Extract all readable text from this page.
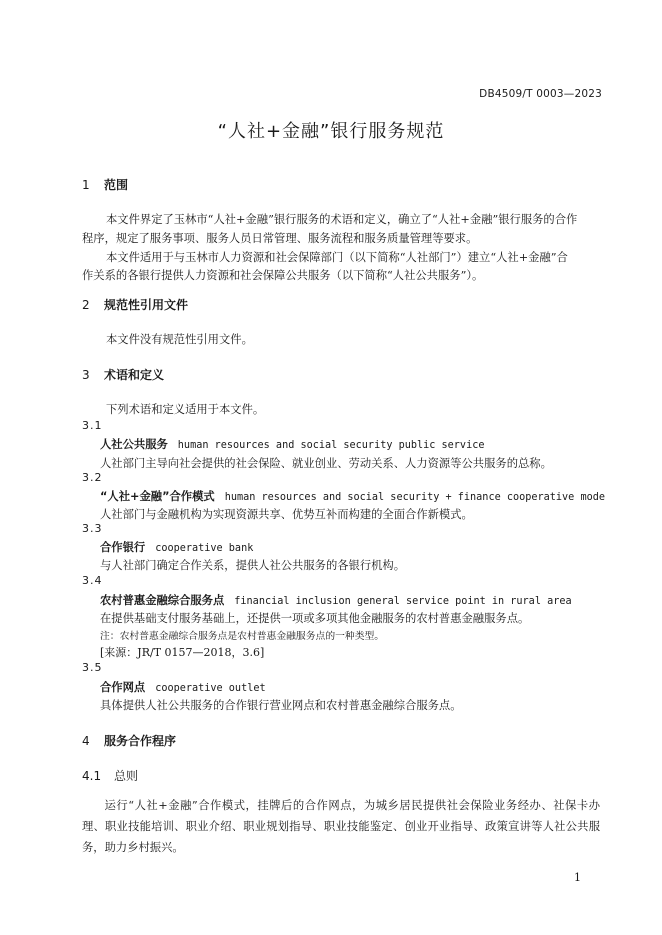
DB4509/T 0003—2023
“人社+金融”银行服务规范
1 范围
本文件界定了玉林市“人社+金融”银行服务的术语和定义，确立了“人社+金融”银行服务的合作
程序，规定了服务事项、服务人员日常管理、服务流程和服务质量管理等要求。
本文件适用于与玉林市人力资源和社会保障部门（以下简称“人社部门”）建立“人社+金融”合
作关系的各银行提供人力资源和社会保障公共服务（以下简称“人社公共服务”）。
2 规范性引用文件
本文件没有规范性引用文件。
3 术语和定义
下列术语和定义适用于本文件。
3.1
人社公共服务 human resources and social security public service
人社部门主导向社会提供的社会保险、就业创业、劳动关系、人力资源等公共服务的总称。
3.2
“人社+金融”合作模式 human resources and social security + finance cooperative mode
人社部门与金融机构为实现资源共享、优势互补而构建的全面合作新模式。
3.3
合作银行 cooperative bank
与人社部门确定合作关系，提供人社公共服务的各银行机构。
3.4
农村普惠金融综合服务点 financial inclusion general service point in rural area
在提供基础支付服务基础上，还提供一项或多项其他金融服务的农村普惠金融服务点。
注：农村普惠金融综合服务点是农村普惠金融服务点的一种类型。
[来源：JR/T 0157—2018，3.6]
3.5
合作网点 cooperative outlet
具体提供人社公共服务的合作银行营业网点和农村普惠金融综合服务点。
4 服务合作程序
4.1 总则
运行“人社+金融”合作模式，挂牌后的合作网点，为城乡居民提供社会保险业务经办、社保卡办理、职业技能培训、职业介绍、职业规划指导、职业技能鉴定、创业开业指导、政策宣讲等人社公共服务，助力乡村振兴。
1
